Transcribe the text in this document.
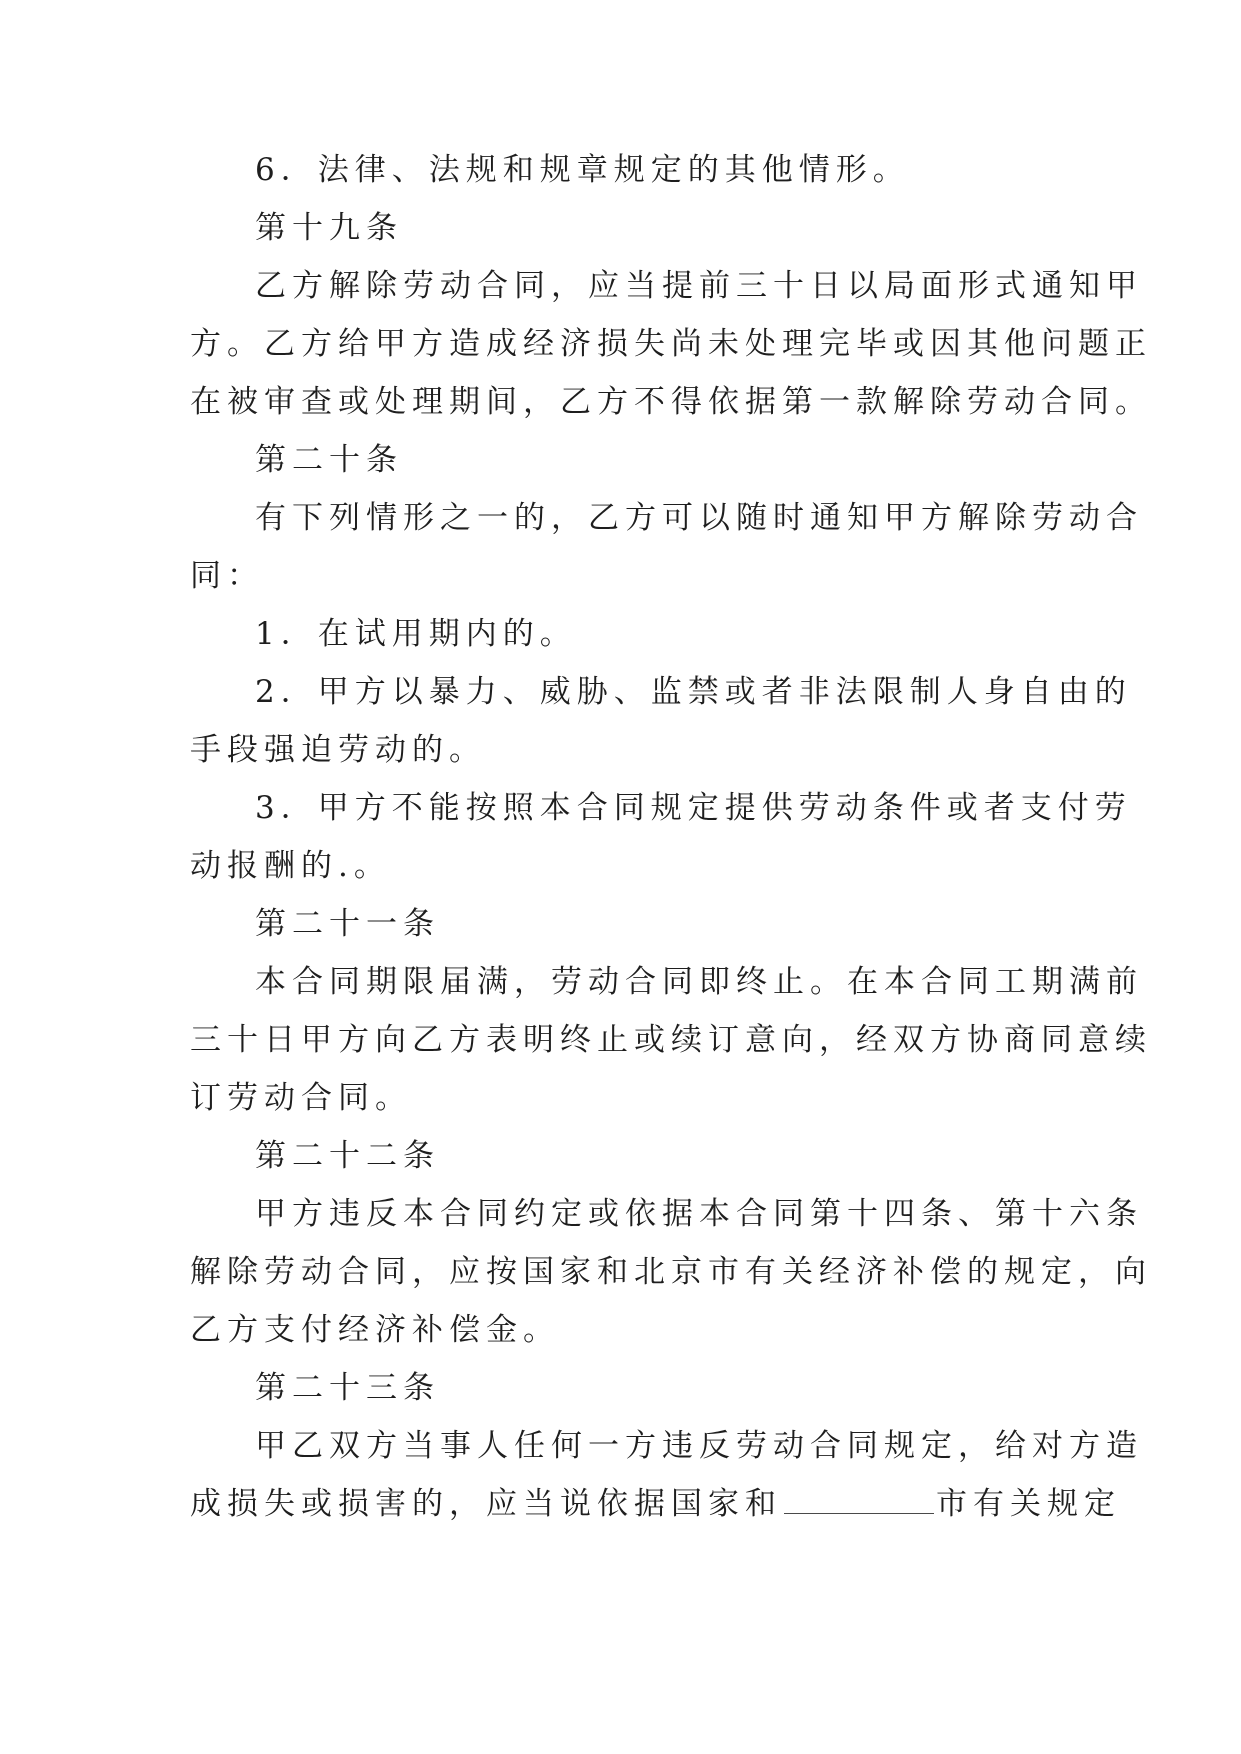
6．法律、法规和规章规定的其他情形。

第十九条

乙方解除劳动合同，应当提前三十日以局面形式通知甲

方。乙方给甲方造成经济损失尚未处理完毕或因其他问题正

在被审查或处理期间，乙方不得依据第一款解除劳动合同。

第二十条

有下列情形之一的，乙方可以随时通知甲方解除劳动合

同：

1．在试用期内的。

2．甲方以暴力、威胁、监禁或者非法限制人身自由的

手段强迫劳动的。

3．甲方不能按照本合同规定提供劳动条件或者支付劳

动报酬的.。

第二十一条

本合同期限届满，劳动合同即终止。在本合同工期满前

三十日甲方向乙方表明终止或续订意向，经双方协商同意续

订劳动合同。

第二十二条

甲方违反本合同约定或依据本合同第十四条、第十六条

解除劳动合同，应按国家和北京市有关经济补偿的规定，向

乙方支付经济补偿金。

第二十三条

甲乙双方当事人任何一方违反劳动合同规定，给对方造

成损失或损害的，应当说依据国家和	市有关规定
